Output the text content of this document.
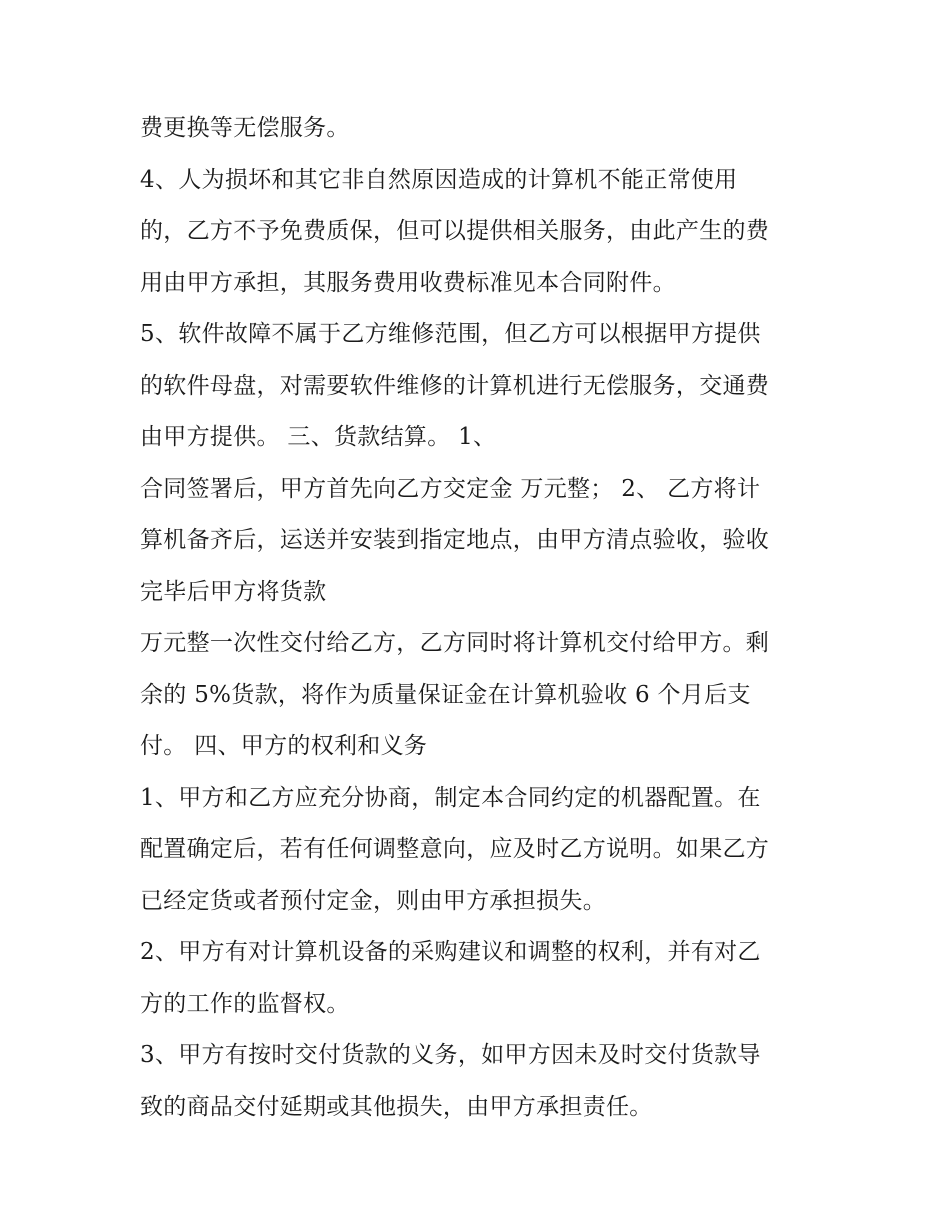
费更换等无偿服务。
4、人为损坏和其它非自然原因造成的计算机不能正常使用
的，乙方不予免费质保，但可以提供相关服务，由此产生的费
用由甲方承担，其服务费用收费标准见本合同附件。
5、软件故障不属于乙方维修范围，但乙方可以根据甲方提供
的软件母盘，对需要软件维修的计算机进行无偿服务，交通费
由甲方提供。 三、货款结算。 1、
合同签署后，甲方首先向乙方交定金 万元整； 2、 乙方将计
算机备齐后，运送并安装到指定地点，由甲方清点验收，验收
完毕后甲方将货款
万元整一次性交付给乙方，乙方同时将计算机交付给甲方。剩
余的 5%货款，将作为质量保证金在计算机验收 6 个月后支
付。 四、甲方的权利和义务
1、甲方和乙方应充分协商，制定本合同约定的机器配置。在
配置确定后，若有任何调整意向，应及时乙方说明。如果乙方
已经定货或者预付定金，则由甲方承担损失。
2、甲方有对计算机设备的采购建议和调整的权利，并有对乙
方的工作的监督权。
3、甲方有按时交付货款的义务，如甲方因未及时交付货款导
致的商品交付延期或其他损失，由甲方承担责任。
